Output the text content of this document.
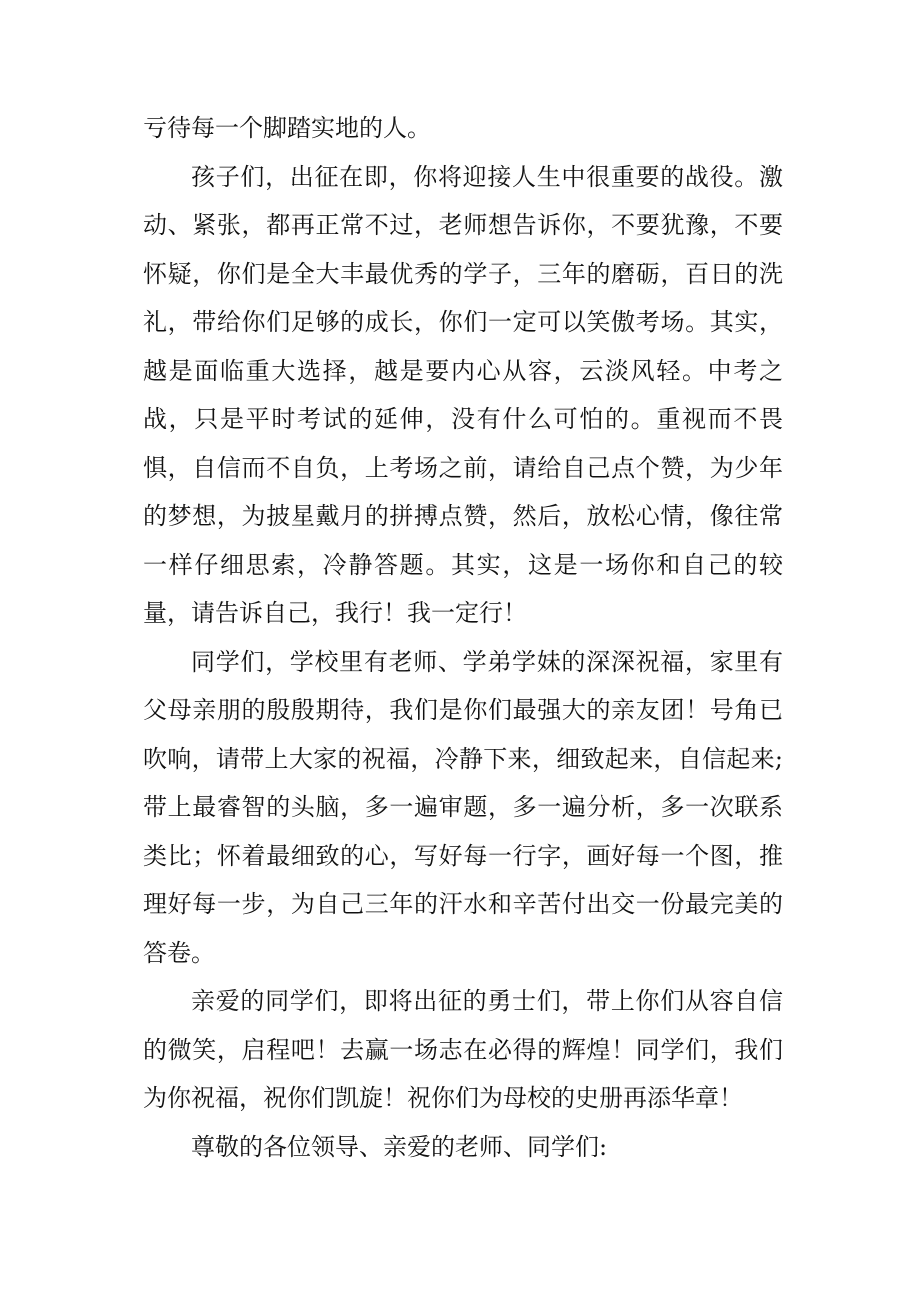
亏待每一个脚踏实地的人。

孩子们，出征在即，你将迎接人生中很重要的战役。激动、紧张，都再正常不过，老师想告诉你，不要犹豫，不要怀疑，你们是全大丰最优秀的学子，三年的磨砺，百日的洗礼，带给你们足够的成长，你们一定可以笑傲考场。其实，越是面临重大选择，越是要内心从容，云淡风轻。中考之战，只是平时考试的延伸，没有什么可怕的。重视而不畏惧，自信而不自负，上考场之前，请给自己点个赞，为少年的梦想，为披星戴月的拼搏点赞，然后，放松心情，像往常一样仔细思索，冷静答题。其实，这是一场你和自己的较量，请告诉自己，我行！我一定行！

同学们，学校里有老师、学弟学妹的深深祝福，家里有父母亲朋的殷殷期待，我们是你们最强大的亲友团！号角已吹响，请带上大家的祝福，冷静下来，细致起来，自信起来;带上最睿智的头脑，多一遍审题，多一遍分析，多一次联系类比；怀着最细致的心，写好每一行字，画好每一个图，推理好每一步，为自己三年的汗水和辛苦付出交一份最完美的答卷。

亲爱的同学们，即将出征的勇士们，带上你们从容自信的微笑，启程吧！去赢一场志在必得的辉煌！同学们，我们为你祝福，祝你们凯旋！祝你们为母校的史册再添华章！

尊敬的各位领导、亲爱的老师、同学们:
